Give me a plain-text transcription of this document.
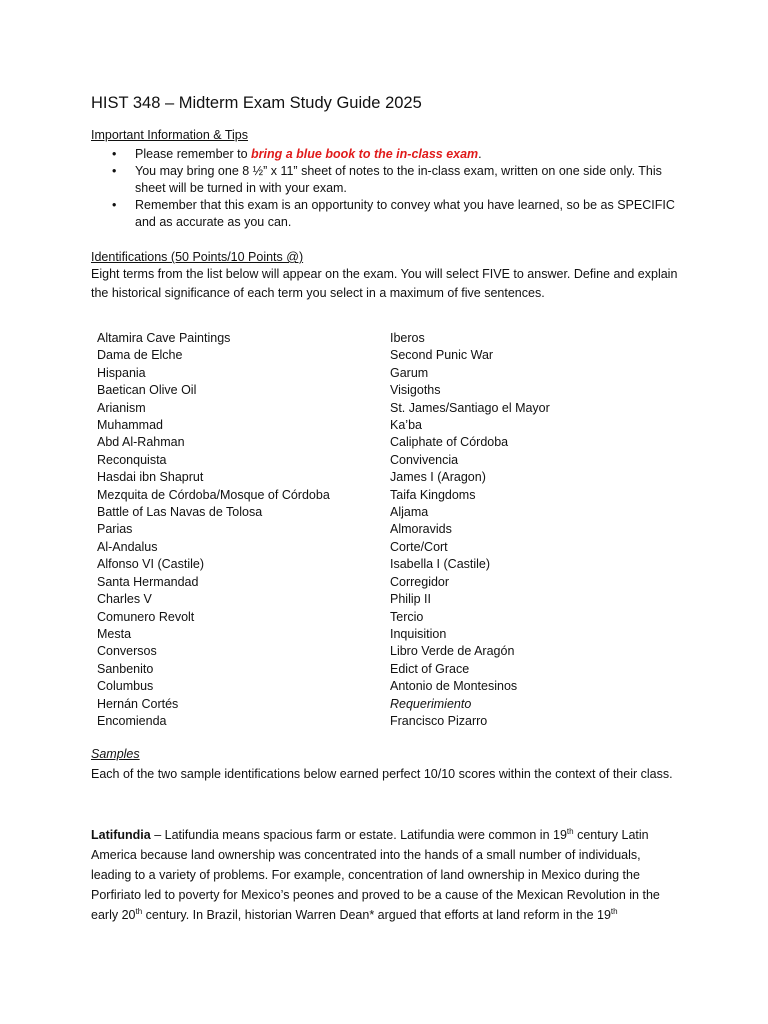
HIST 348 – Midterm Exam Study Guide 2025
Important Information & Tips
• Please remember to bring a blue book to the in-class exam.
• You may bring one 8 ½” x 11” sheet of notes to the in-class exam, written on one side only. This sheet will be turned in with your exam.
• Remember that this exam is an opportunity to convey what you have learned, so be as SPECIFIC and as accurate as you can.
Identifications (50 Points/10 Points @)

Eight terms from the list below will appear on the exam. You will select FIVE to answer. Define and explain the historical significance of each term you select in a maximum of five sentences.

Altamira Cave Paintings
Dama de Elche
Hispania
Baetican Olive Oil
Arianism
Muhammad
Abd Al-Rahman
Reconquista
Hasdai ibn Shaprut
Mezquita de Córdoba/Mosque of Córdoba
Battle of Las Navas de Tolosa
Parias
Al-Andalus
Alfonso VI (Castile)
Santa Hermandad
Charles V
Comunero Revolt
Mesta
Conversos
Sanbenito
Columbus
Hernán Cortés
Encomienda
Iberos
Second Punic War
Garum
Visigoths
St. James/Santiago el Mayor
Ka’ba
Caliphate of Córdoba
Convivencia
James I (Aragon)
Taifa Kingdoms
Aljama
Almoravids
Corte/Cort
Isabella I (Castile)
Corregidor
Philip II
Tercio
Inquisition
Libro Verde de Aragón
Edict of Grace
Antonio de Montesinos
Requerimiento
Francisco Pizarro
Samples

Each of the two sample identifications below earned perfect 10/10 scores within the context of their class.

Latifundia – Latifundia means spacious farm or estate. Latifundia were common in 19th century Latin America because land ownership was concentrated into the hands of a small number of individuals, leading to a variety of problems. For example, concentration of land ownership in Mexico during the Porfiriato led to poverty for Mexico’s peones and proved to be a cause of the Mexican Revolution in the early 20th century. In Brazil, historian Warren Dean* argued that efforts at land reform in the 19th
